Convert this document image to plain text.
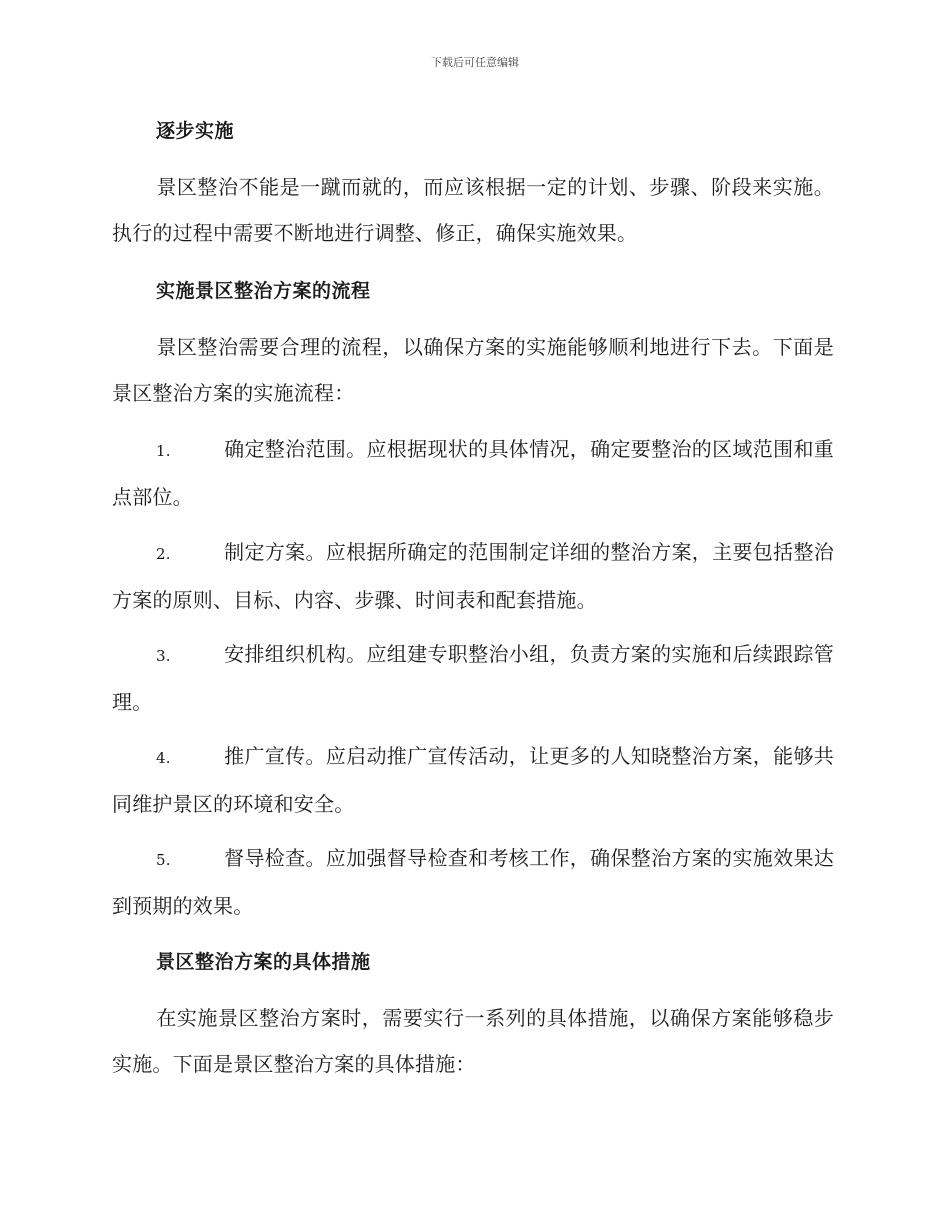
下载后可任意编辑
逐步实施
景区整治不能是一蹴而就的，而应该根据一定的计划、步骤、阶段来实施。执行的过程中需要不断地进行调整、修正，确保实施效果。
实施景区整治方案的流程
景区整治需要合理的流程，以确保方案的实施能够顺利地进行下去。下面是景区整治方案的实施流程：
1.	确定整治范围。应根据现状的具体情况，确定要整治的区域范围和重点部位。
2.	制定方案。应根据所确定的范围制定详细的整治方案，主要包括整治方案的原则、目标、内容、步骤、时间表和配套措施。
3.	安排组织机构。应组建专职整治小组，负责方案的实施和后续跟踪管理。
4.	推广宣传。应启动推广宣传活动，让更多的人知晓整治方案，能够共同维护景区的环境和安全。
5.	督导检查。应加强督导检查和考核工作，确保整治方案的实施效果达到预期的效果。
景区整治方案的具体措施
在实施景区整治方案时，需要实行一系列的具体措施，以确保方案能够稳步实施。下面是景区整治方案的具体措施：
